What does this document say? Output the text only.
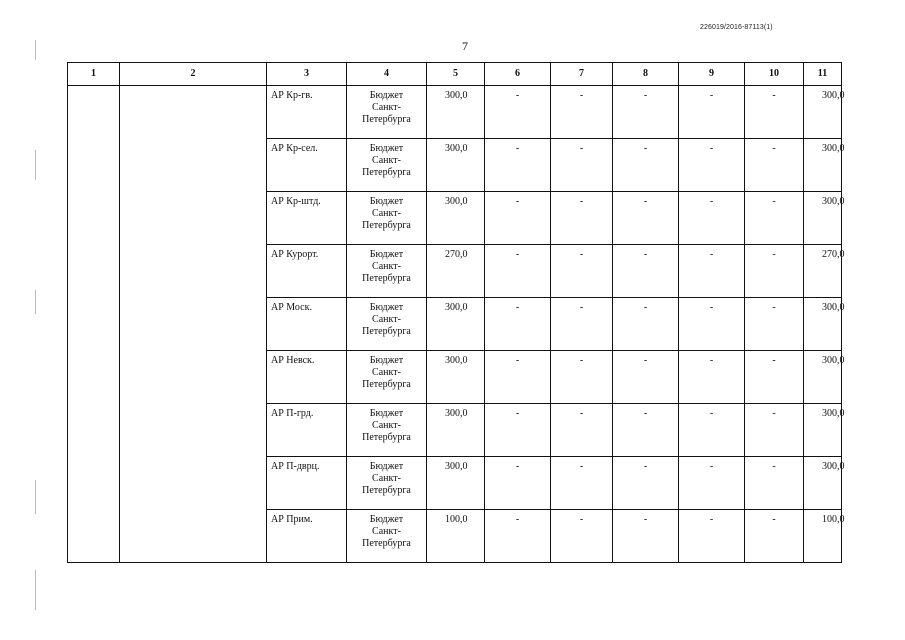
226019/2016-87113(1)
7
1	2	3	4	5	6	7	8	9	10	11
		АР Кр-гв.	Бюджет
Санкт-
Петербурга	300,0	-	-	-	-	-	300,0
		АР Кр-сел.	Бюджет
Санкт-
Петербурга	300,0	-	-	-	-	-	300,0
		АР Кр-штд.	Бюджет
Санкт-
Петербурга	300,0	-	-	-	-	-	300,0
		АР Курорт.	Бюджет
Санкт-
Петербурга	270,0	-	-	-	-	-	270,0
		АР Моск.	Бюджет
Санкт-
Петербурга	300,0	-	-	-	-	-	300,0
		АР Невск.	Бюджет
Санкт-
Петербурга	300,0	-	-	-	-	-	300,0
		АР П-грд.	Бюджет
Санкт-
Петербурга	300,0	-	-	-	-	-	300,0
		АР П-дврц.	Бюджет
Санкт-
Петербурга	300,0	-	-	-	-	-	300,0
		АР Прим.	Бюджет
Санкт-
Петербурга	100,0	-	-	-	-	-	100,0
